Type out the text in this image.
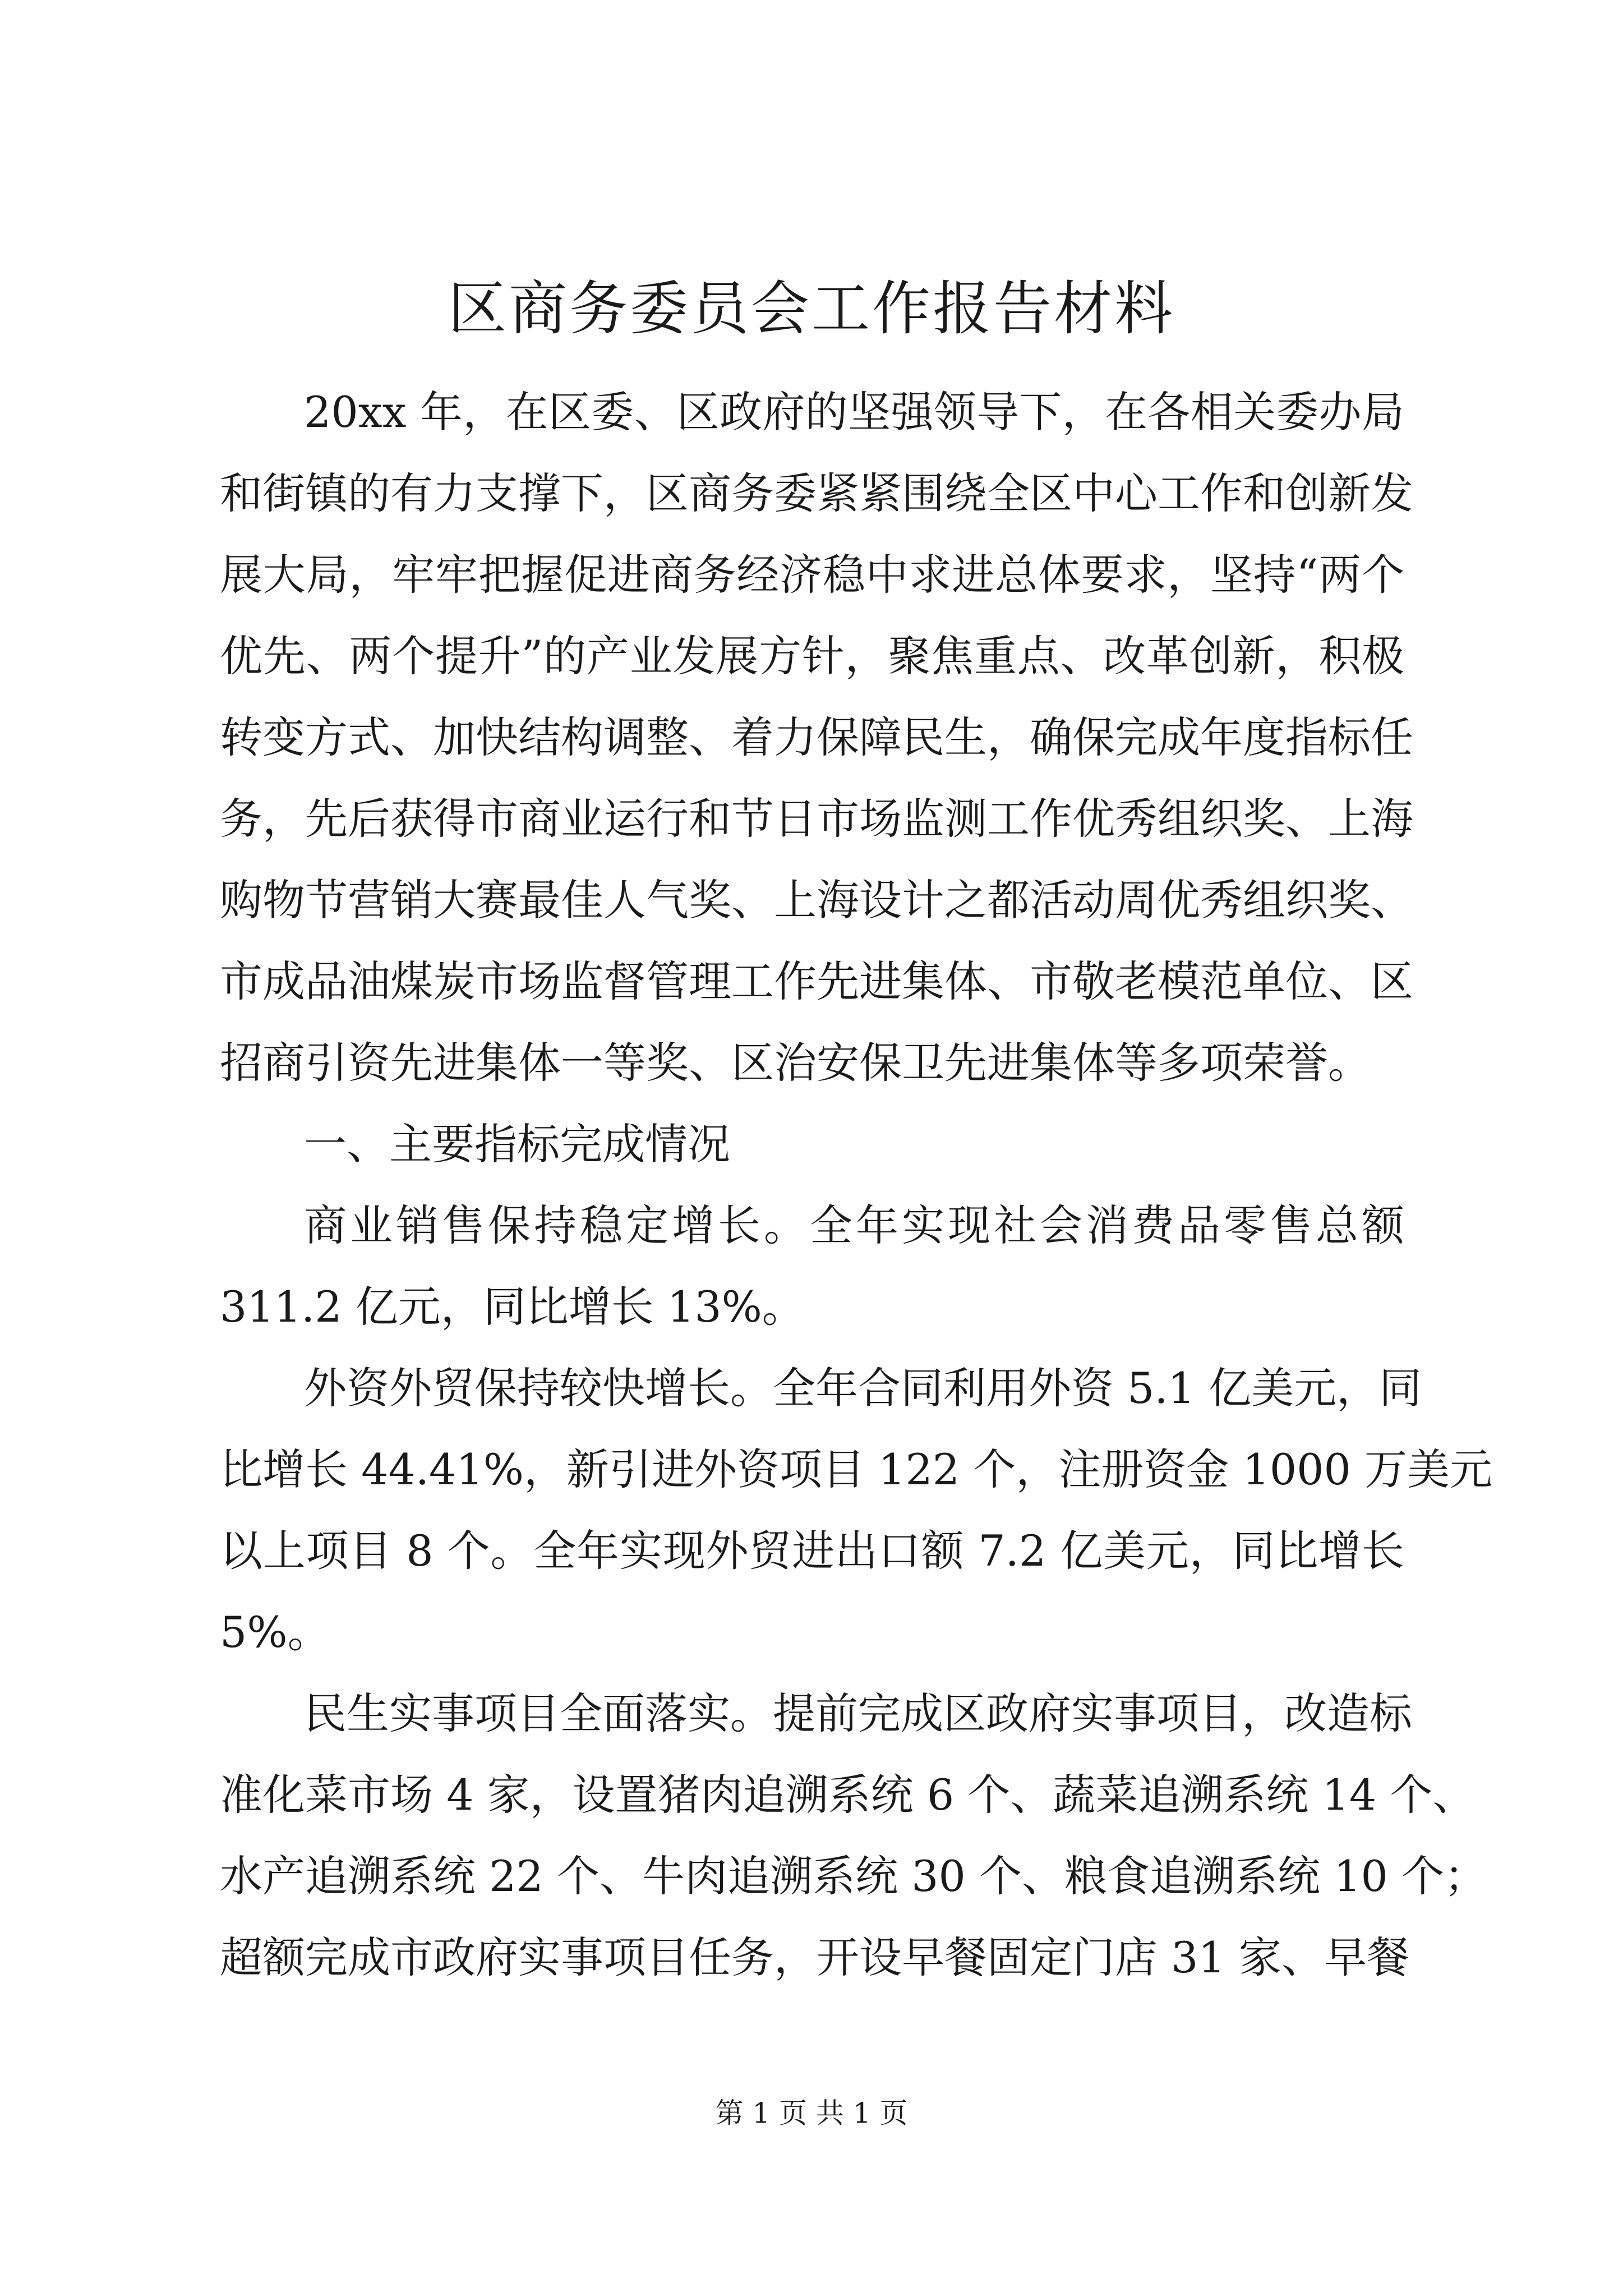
区商务委员会工作报告材料
20xx 年，在区委、区政府的坚强领导下，在各相关委办局
和街镇的有力支撑下，区商务委紧紧围绕全区中心工作和创新发
展大局，牢牢把握促进商务经济稳中求进总体要求，坚持“两个
优先、两个提升”的产业发展方针，聚焦重点、改革创新，积极
转变方式、加快结构调整、着力保障民生，确保完成年度指标任
务，先后获得市商业运行和节日市场监测工作优秀组织奖、上海
购物节营销大赛最佳人气奖、上海设计之都活动周优秀组织奖、
市成品油煤炭市场监督管理工作先进集体、市敬老模范单位、区
招商引资先进集体一等奖、区治安保卫先进集体等多项荣誉。
一、主要指标完成情况
商业销售保持稳定增长。全年实现社会消费品零售总额
311.2 亿元，同比增长 13%。
外资外贸保持较快增长。全年合同利用外资 5.1 亿美元，同
比增长 44.41%，新引进外资项目 122 个，注册资金 1000 万美元
以上项目 8 个。全年实现外贸进出口额 7.2 亿美元，同比增长
5%。
民生实事项目全面落实。提前完成区政府实事项目，改造标
准化菜市场 4 家，设置猪肉追溯系统 6 个、蔬菜追溯系统 14 个、
水产追溯系统 22 个、牛肉追溯系统 30 个、粮食追溯系统 10 个；
超额完成市政府实事项目任务，开设早餐固定门店 31 家、早餐
第 1 页 共 1 页
